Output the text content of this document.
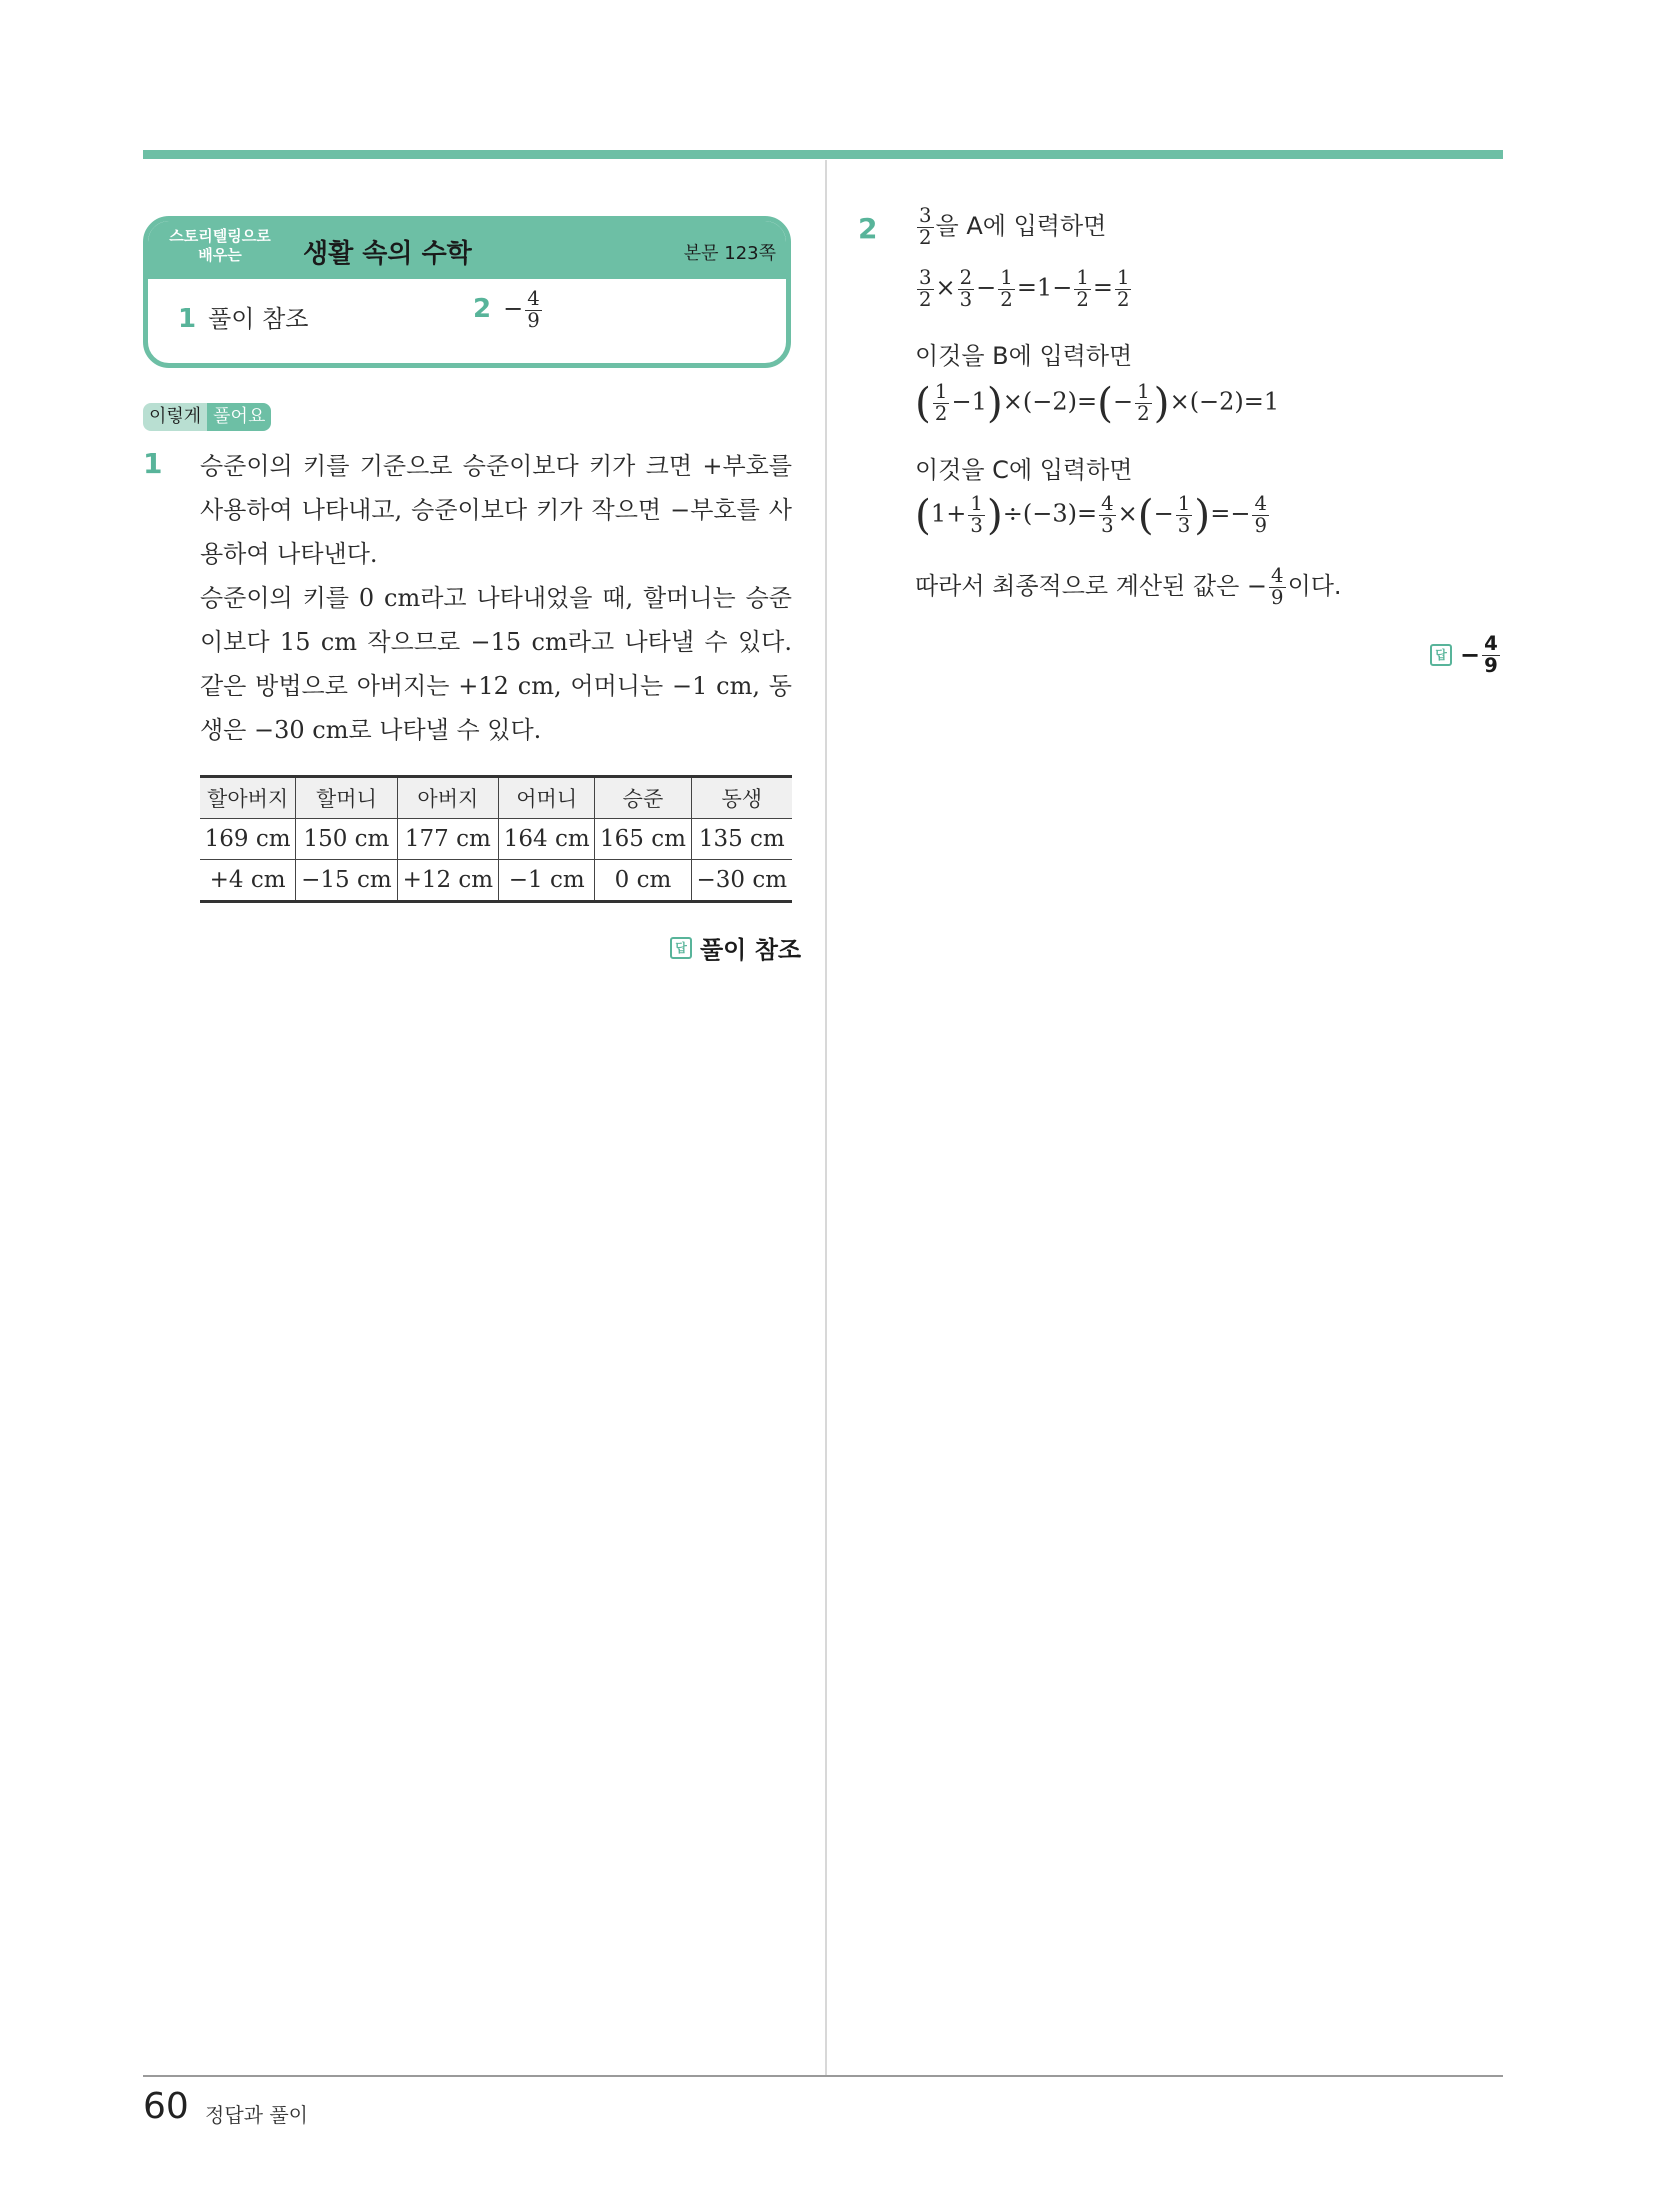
스토리텔링으로
배우는	생활 속의 수학	본문 123쪽
1 풀이 참조	$2 - \frac{4}{9}$
이렇게 풀어요
1 승준이의 키를 기준으로 승준이보다 키가 크면 +부호를 사용하여 나타내고, 승준이보다 키가 작으면 −부호를 사용하여 나타낸다.

승준이의 키를 0 cm라고 나타내었을 때, 할머니는 승준이보다 15 cm 작으므로 −15 cm라고 나타낼 수 있다. 같은 방법으로 아버지는 +12 cm, 어머니는 −1 cm, 동생은 −30 cm로 나타낼 수 있다.

할아버지	할머니	아버지	어머니	승준	동생
169 cm	150 cm	177 cm	164 cm	165 cm	135 cm
+4 cm	−15 cm	+12 cm	−1 cm	0 cm	−30 cm
답 풀이 참조
$2 \frac{3}{2}$ 을 A에 입력하면
$\frac{3}{2} \times \frac{2}{3} - \frac{1}{2} =1- \frac{1}{2} = \frac{1}{2}$
이것을 B에 입력하면
( $\frac{1}{2} -1)\times(-2)=(- \frac{1}{2} )\times(-2)=1$
이것을 C에 입력하면
$(1+ \frac{1}{3} )\div(-3)= \frac{4}{3}$ ×(− $\frac{1}{3}$ )=− $\frac{4}{9}$
따라서 최종적으로 계산된 값은 − $\frac{4}{9}$ 이다.
답 − $\frac{4}{9}$
60 정답과 풀이
